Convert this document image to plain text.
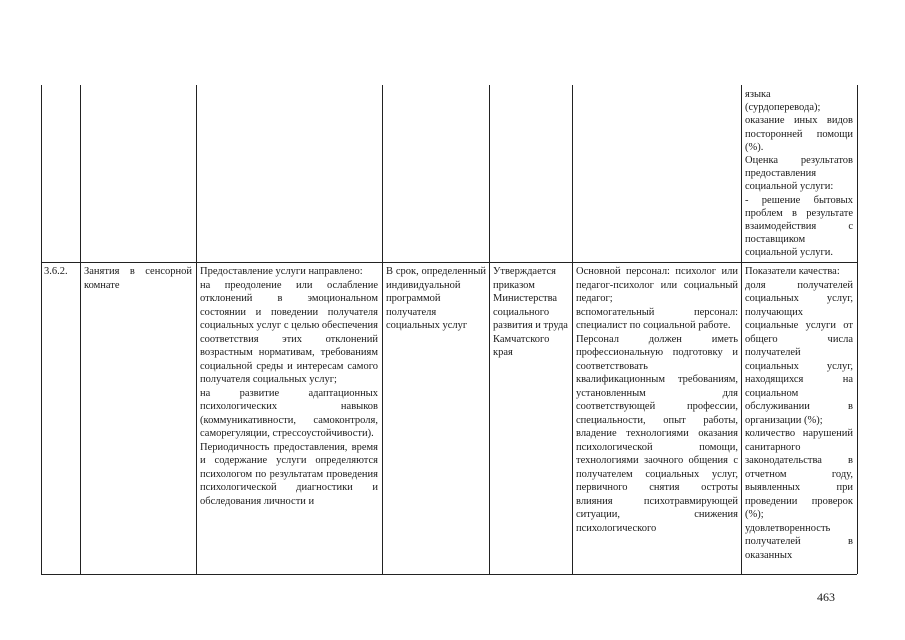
языка
(сурдоперевода);
оказание иных видов посторонней помощи (%).
Оценка результатов предоставления социальной услуги:
- решение бытовых проблем в результате взаимодействия с поставщиком социальной услуги.
3.6.2.	Занятия в сенсорной комнате
Предоставление услуги направлено:
на преодоление или ослабление отклонений в эмоциональном состоянии и поведении получателя социальных услуг с целью обеспечения соответствия этих отклонений возрастным нормативам, требованиям социальной среды и интересам самого получателя социальных услуг;
на развитие адаптационных психологических навыков (коммуникативности, самоконтроля, саморегуляции, стрессоустойчивости).
Периодичность предоставления, время и содержание услуги определяются психологом по результатам проведения психологической диагностики и обследования личности и
В срок, определенный индивидуальной программой получателя социальных услуг
Утверждается приказом Министерства социального развития и труда Камчатского края
Основной персонал: психолог или педагог-психолог или социальный педагог;
вспомогательный персонал: специалист по социальной работе.
Персонал должен иметь профессиональную подготовку и соответствовать квалификационным требованиям, установленным для соответствующей профессии, специальности, опыт работы, владение технологиями оказания психологической помощи, технологиями заочного общения с получателем социальных услуг, первичного снятия остроты влияния психотравмирующей ситуации, снижения психологического
Показатели качества:
доля получателей социальных услуг, получающих социальные услуги от общего числа получателей социальных услуг, находящихся на социальном обслуживании в организации (%);
количество нарушений санитарного законодательства в отчетном году, выявленных при проведении проверок (%);
удовлетворенность получателей в оказанных
463
